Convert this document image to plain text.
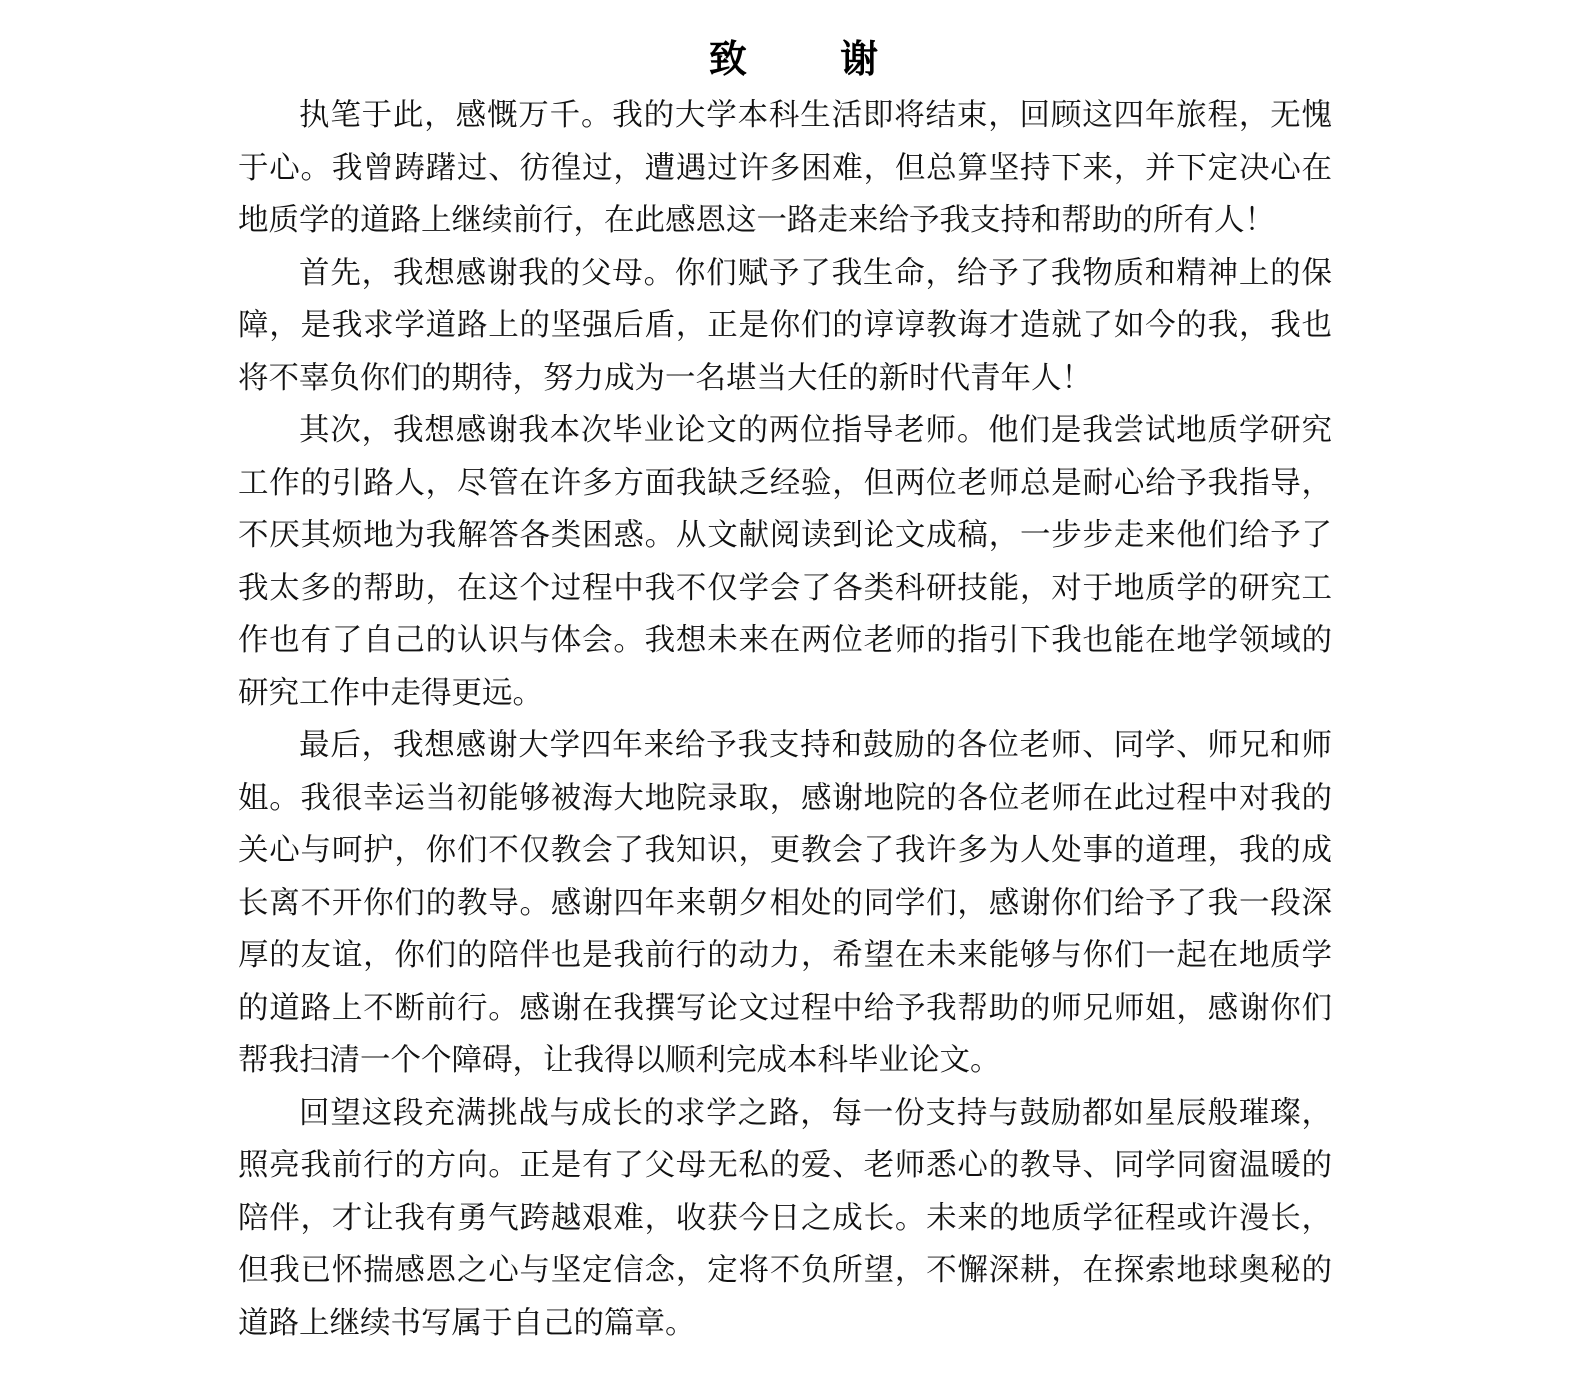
致 谢

执笔于此，感慨万千。我的大学本科生活即将结束，回顾这四年旅程，无愧于心。我曾踌躇过、彷徨过，遭遇过许多困难，但总算坚持下来，并下定决心在地质学的道路上继续前行，在此感恩这一路走来给予我支持和帮助的所有人！

首先，我想感谢我的父母。你们赋予了我生命，给予了我物质和精神上的保障，是我求学道路上的坚强后盾，正是你们的谆谆教诲才造就了如今的我，我也将不辜负你们的期待，努力成为一名堪当大任的新时代青年人！

其次，我想感谢我本次毕业论文的两位指导老师。他们是我尝试地质学研究工作的引路人，尽管在许多方面我缺乏经验，但两位老师总是耐心给予我指导，不厌其烦地为我解答各类困惑。从文献阅读到论文成稿，一步步走来他们给予了我太多的帮助，在这个过程中我不仅学会了各类科研技能，对于地质学的研究工作也有了自己的认识与体会。我想未来在两位老师的指引下我也能在地学领域的研究工作中走得更远。

最后，我想感谢大学四年来给予我支持和鼓励的各位老师、同学、师兄和师姐。我很幸运当初能够被海大地院录取，感谢地院的各位老师在此过程中对我的关心与呵护，你们不仅教会了我知识，更教会了我许多为人处事的道理，我的成长离不开你们的教导。感谢四年来朝夕相处的同学们，感谢你们给予了我一段深厚的友谊，你们的陪伴也是我前行的动力，希望在未来能够与你们一起在地质学的道路上不断前行。感谢在我撰写论文过程中给予我帮助的师兄师姐，感谢你们帮我扫清一个个障碍，让我得以顺利完成本科毕业论文。

回望这段充满挑战与成长的求学之路，每一份支持与鼓励都如星辰般璀璨，照亮我前行的方向。正是有了父母无私的爱、老师悉心的教导、同学同窗温暖的陪伴，才让我有勇气跨越艰难，收获今日之成长。未来的地质学征程或许漫长，但我已怀揣感恩之心与坚定信念，定将不负所望，不懈深耕，在探索地球奥秘的道路上继续书写属于自己的篇章。
